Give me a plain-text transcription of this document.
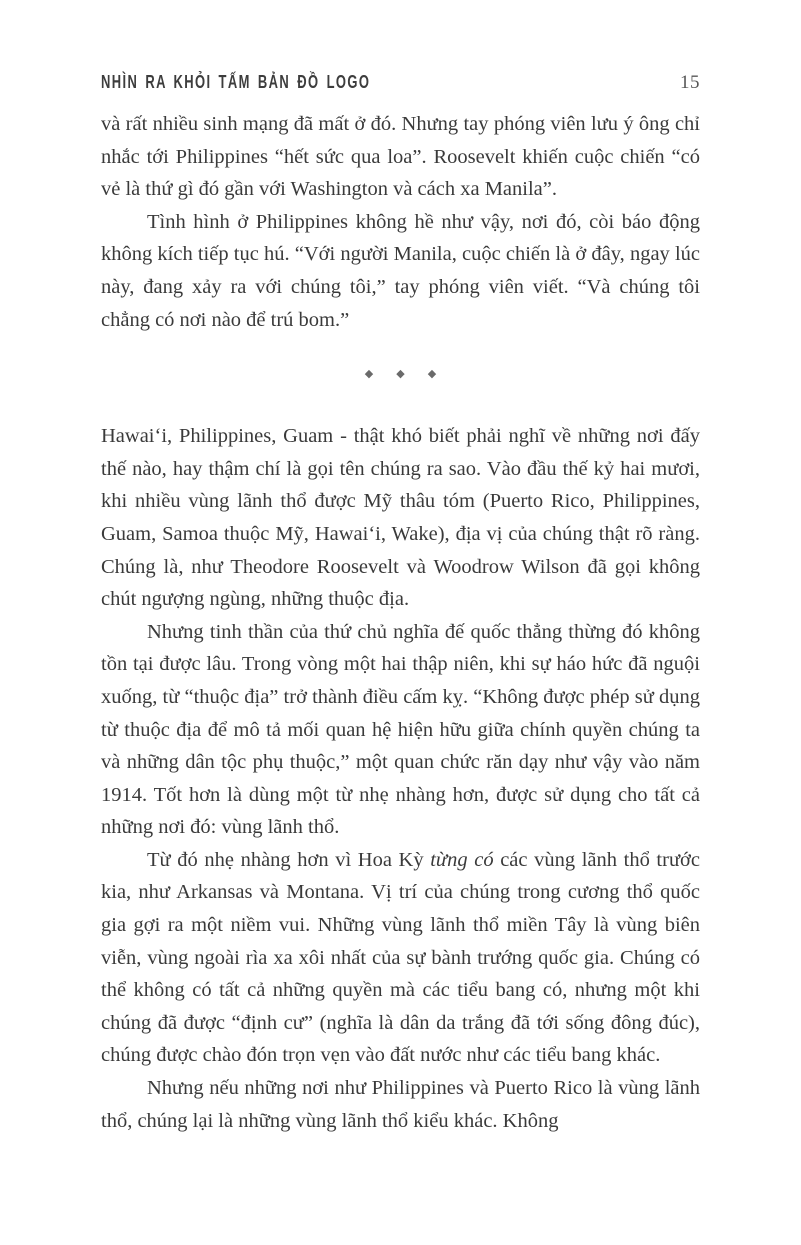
NHÌN RA KHỎI TẤM BẢN ĐỒ LOGO	15

và rất nhiều sinh mạng đã mất ở đó. Nhưng tay phóng viên lưu ý ông chỉ nhắc tới Philippines “hết sức qua loa”. Roosevelt khiến cuộc chiến “có vẻ là thứ gì đó gần với Washington và cách xa Manila”.

Tình hình ở Philippines không hề như vậy, nơi đó, còi báo động không kích tiếp tục hú. “Với người Manila, cuộc chiến là ở đây, ngay lúc này, đang xảy ra với chúng tôi,” tay phóng viên viết. “Và chúng tôi chẳng có nơi nào để trú bom.”

◆ ◆ ◆

Hawaiʻi, Philippines, Guam - thật khó biết phải nghĩ về những nơi đấy thế nào, hay thậm chí là gọi tên chúng ra sao. Vào đầu thế kỷ hai mươi, khi nhiều vùng lãnh thổ được Mỹ thâu tóm (Puerto Rico, Philippines, Guam, Samoa thuộc Mỹ, Hawaiʻi, Wake), địa vị của chúng thật rõ ràng. Chúng là, như Theodore Roosevelt và Woodrow Wilson đã gọi không chút ngượng ngùng, những thuộc địa.

Nhưng tinh thần của thứ chủ nghĩa đế quốc thẳng thừng đó không tồn tại được lâu. Trong vòng một hai thập niên, khi sự háo hức đã nguội xuống, từ “thuộc địa” trở thành điều cấm kỵ. “Không được phép sử dụng từ thuộc địa để mô tả mối quan hệ hiện hữu giữa chính quyền chúng ta và những dân tộc phụ thuộc,” một quan chức răn dạy như vậy vào năm 1914. Tốt hơn là dùng một từ nhẹ nhàng hơn, được sử dụng cho tất cả những nơi đó: vùng lãnh thổ.

Từ đó nhẹ nhàng hơn vì Hoa Kỳ từng có các vùng lãnh thổ trước kia, như Arkansas và Montana. Vị trí của chúng trong cương thổ quốc gia gợi ra một niềm vui. Những vùng lãnh thổ miền Tây là vùng biên viễn, vùng ngoài rìa xa xôi nhất của sự bành trướng quốc gia. Chúng có thể không có tất cả những quyền mà các tiểu bang có, nhưng một khi chúng đã được “định cư” (nghĩa là dân da trắng đã tới sống đông đúc), chúng được chào đón trọn vẹn vào đất nước như các tiểu bang khác.

Nhưng nếu những nơi như Philippines và Puerto Rico là vùng lãnh thổ, chúng lại là những vùng lãnh thổ kiểu khác. Không
